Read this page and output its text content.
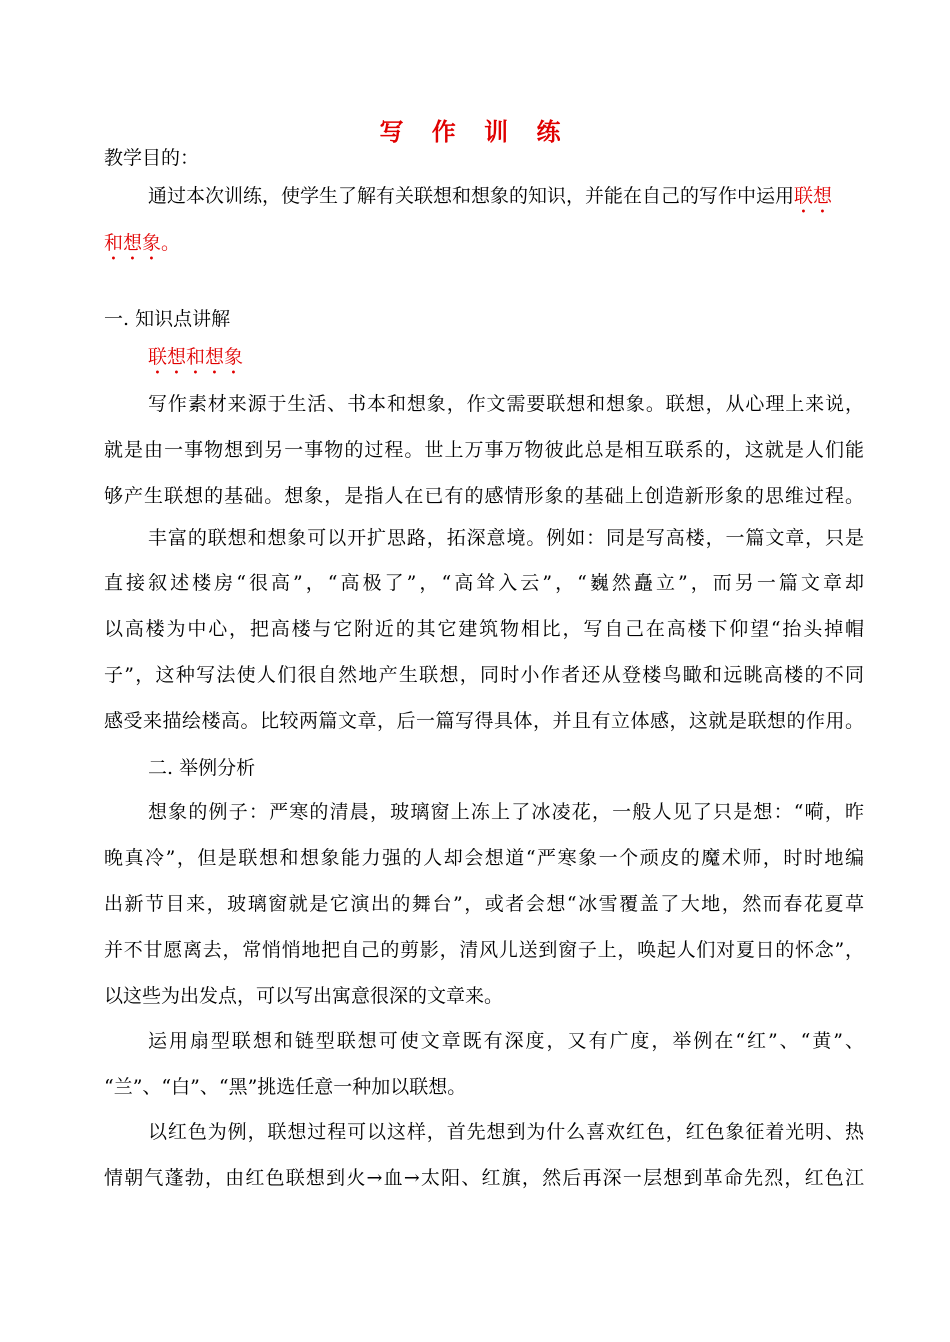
写 作 训 练
教学目的：
通过本次训练，使学生了解有关联想和想象的知识，并能在自己的写作中运用联想
和想象。
一. 知识点讲解
联想和想象
写作素材来源于生活、书本和想象，作文需要联想和想象。联想，从心理上来说，
就是由一事物想到另一事物的过程。世上万事万物彼此总是相互联系的，这就是人们能
够产生联想的基础。想象，是指人在已有的感情形象的基础上创造新形象的思维过程。
丰富的联想和想象可以开扩思路，拓深意境。例如：同是写高楼，一篇文章，只是
直接叙述楼房“很高”，“高极了”，“高耸入云”，“巍然矗立”，而另一篇文章却
以高楼为中心，把高楼与它附近的其它建筑物相比，写自己在高楼下仰望“抬头掉帽
子”，这种写法使人们很自然地产生联想，同时小作者还从登楼鸟瞰和远眺高楼的不同
感受来描绘楼高。比较两篇文章，后一篇写得具体，并且有立体感，这就是联想的作用。
二. 举例分析
想象的例子：严寒的清晨，玻璃窗上冻上了冰凌花，一般人见了只是想：“嗬，昨
晚真冷”，但是联想和想象能力强的人却会想道“严寒象一个顽皮的魔术师，时时地编
出新节目来，玻璃窗就是它演出的舞台”，或者会想“冰雪覆盖了大地，然而春花夏草
并不甘愿离去，常悄悄地把自己的剪影，清风儿送到窗子上，唤起人们对夏日的怀念”，
以这些为出发点，可以写出寓意很深的文章来。
运用扇型联想和链型联想可使文章既有深度，又有广度，举例在“红”、“黄”、
“兰”、“白”、“黑”挑选任意一种加以联想。
以红色为例，联想过程可以这样，首先想到为什么喜欢红色，红色象征着光明、热
情朝气蓬勃，由红色联想到火→血→太阳、红旗，然后再深一层想到革命先烈，红色江
